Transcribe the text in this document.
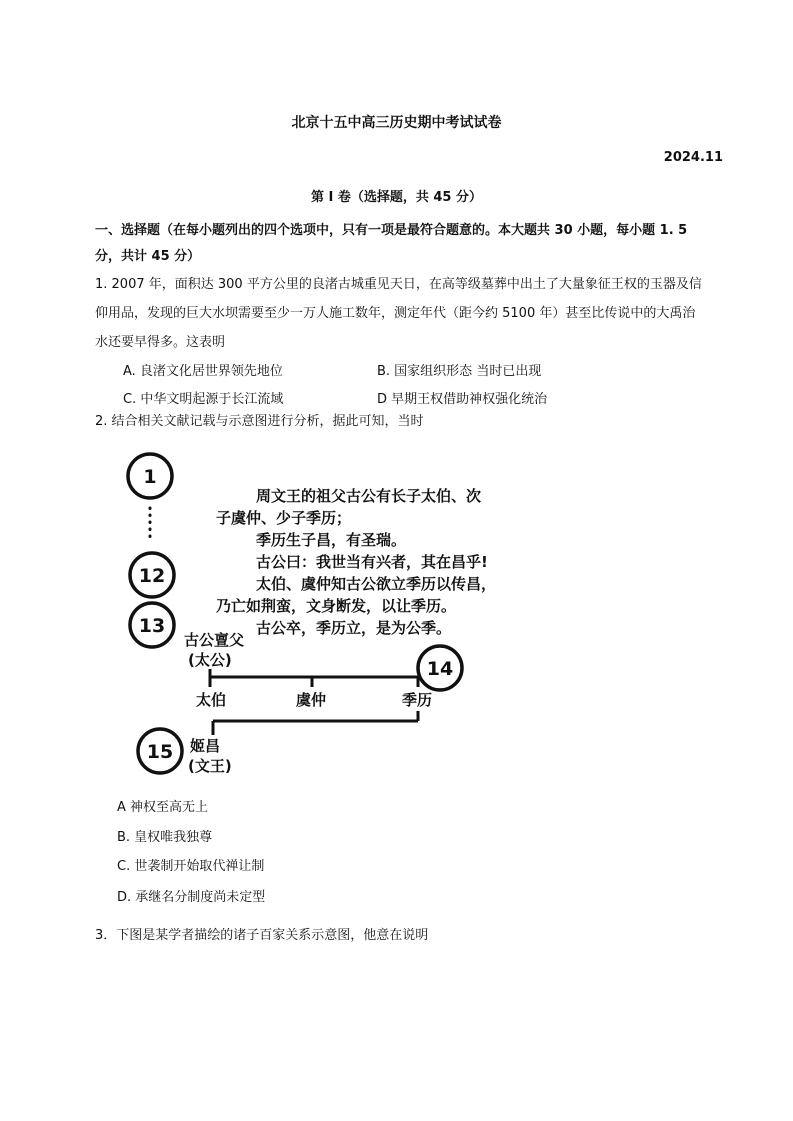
北京十五中高三历史期中考试试卷
2024.11
第 I 卷（选择题，共 45 分）
一、选择题（在每小题列出的四个选项中，只有一项是最符合题意的。本大题共 30 小题，每小题 1. 5 分，共计 45 分）
1. 2007 年，面积达 300 平方公里的良渚古城重见天日，在高等级墓葬中出土了大量象征王权的玉器及信仰用品，发现的巨大水坝需要至少一万人施工数年，测定年代（距今约 5100 年）甚至比传说中的大禹治水还要早得多。这表明
A. 良渚文化居世界领先地位	B. 国家组织形态 当时已出现
C. 中华文明起源于长江流域	D 早期王权借助神权强化统治
2. 结合相关文献记载与示意图进行分析，据此可知，当时
1
12
13
14
15
周文王的祖父古公有长子太伯、次
子虞仲、少子季历；
季历生子昌，有圣瑞。
古公曰：我世当有兴者，其在昌乎!
太伯、虞仲知古公欲立季历以传昌，
乃亡如荆蛮，文身断发，以让季历。
古公卒，季历立，是为公季。
古公亶父
(太公)
太伯	虞仲	季历
姬昌
(文王)
A 神权至高无上
B. 皇权唯我独尊
C. 世袭制开始取代禅让制
D. 承继名分制度尚未定型
3．下图是某学者描绘的诸子百家关系示意图，他意在说明
